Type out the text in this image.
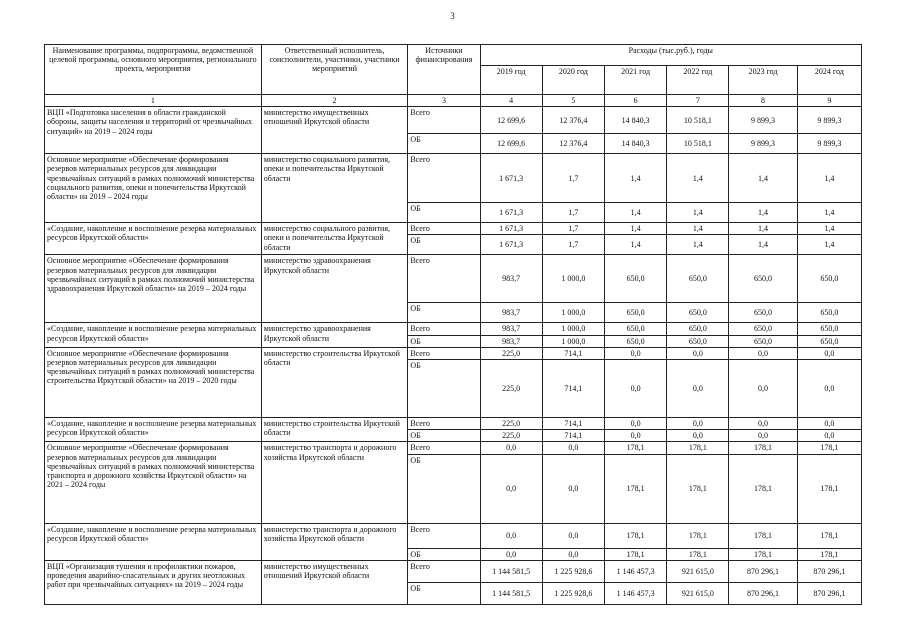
3
Наименование программы, подпрограммы, ведомственной целевой программы, основного мероприятия, регионального проекта, мероприятия	Ответственный исполнитель, соисполнители, участники, участники мероприятий	Источники финансирования	Расходы (тыс.руб.), годы					
			2019 год	2020 год	2021 год	2022 год	2023 год	2024 год
1	2	3	4	5	6	7	8	9
ВЦП «Подготовка населения в области гражданской обороны, защиты населения и территорий от чрезвычайных ситуаций» на 2019 – 2024 годы	министерство имущественных отношений Иркутской области	Всего	12 699,6	12 376,4	14 840,3	10 518,1	9 899,3	9 899,3
		ОБ	12 699,6	12 376,4	14 840,3	10 518,1	9 899,3	9 899,3
Основное мероприятие «Обеспечение формирования резервов материальных ресурсов для ликвидации чрезвычайных ситуаций в рамках полномочий министерства социального развития, опеки и попечительства Иркутской области» на 2019 – 2024 годы	министерство социального развития, опеки и попечительства Иркутской области	Всего	1 671,3	1,7	1,4	1,4	1,4	1,4
		ОБ	1 671,3	1,7	1,4	1,4	1,4	1,4
«Создание, накопление и восполнение резерва материальных ресурсов Иркутской области»	министерство социального развития, опеки и попечительства Иркутской области	Всего	1 671,3	1,7	1,4	1,4	1,4	1,4
		ОБ	1 671,3	1,7	1,4	1,4	1,4	1,4
Основное мероприятие «Обеспечение формирования резервов материальных ресурсов для ликвидации чрезвычайных ситуаций в рамках полномочий министерства здравоохранения Иркутской области» на 2019 – 2024 годы	министерство здравоохранения Иркутской области	Всего	983,7	1 000,0	650,0	650,0	650,0	650,0
		ОБ	983,7	1 000,0	650,0	650,0	650,0	650,0
«Создание, накопление и восполнение резерва материальных ресурсов Иркутской области»	министерство здравоохранения Иркутской области	Всего	983,7	1 000,0	650,0	650,0	650,0	650,0
		ОБ	983,7	1 000,0	650,0	650,0	650,0	650,0
Основное мероприятие «Обеспечение формирования резервов материальных ресурсов для ликвидации чрезвычайных ситуаций в рамках полномочий министерства строительства Иркутской области» на 2019 – 2020 годы	министерство строительства Иркутской области	Всего	225,0	714,1	0,0	0,0	0,0	0,0
		ОБ	225,0	714,1	0,0	0,0	0,0	0,0
«Создание, накопление и восполнение резерва материальных ресурсов Иркутской области»	министерство строительства Иркутской области	Всего	225,0	714,1	0,0	0,0	0,0	0,0
		ОБ	225,0	714,1	0,0	0,0	0,0	0,0
Основное мероприятие «Обеспечение формирования резервов материальных ресурсов для ликвидации чрезвычайных ситуаций в рамках полномочий министерства транспорта и дорожного хозяйства Иркутской области» на 2021 – 2024 годы	министерство транспорта и дорожного хозяйства Иркутской области	Всего	0,0	0,0	178,1	178,1	178,1	178,1
		ОБ	0,0	0,0	178,1	178,1	178,1	178,1
«Создание, накопление и восполнение резерва материальных ресурсов Иркутской области»	министерство транспорта и дорожного хозяйства Иркутской области	Всего	0,0	0,0	178,1	178,1	178,1	178,1
		ОБ	0,0	0,0	178,1	178,1	178,1	178,1
ВЦП «Организация тушения и профилактики пожаров, проведения аварийно-спасательных и других неотложных работ при чрезвычайных ситуациях» на 2019 – 2024 годы	министерство имущественных отношений Иркутской области	Всего	1 144 581,5	1 225 928,6	1 146 457,3	921 615,0	870 296,1	870 296,1
		ОБ	1 144 581,5	1 225 928,6	1 146 457,3	921 615,0	870 296,1	870 296,1
